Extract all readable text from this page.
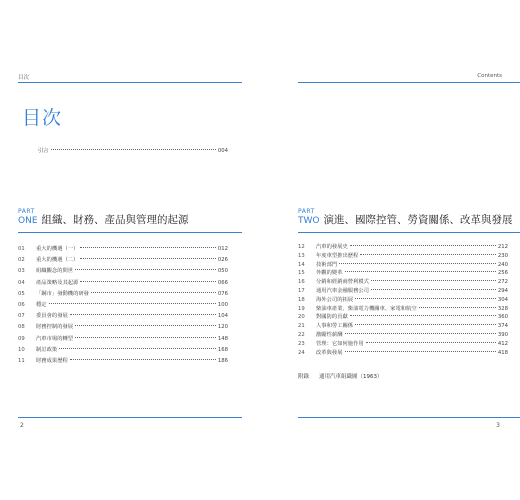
目次
目次
引言	004
PART
ONE 組織、財務、產品與管理的起源
01	重大的機遇（一）	012
02	重大的機遇（二）	026
03	組織觀念的問世	050
04	產品策略及其起源	066
05	「鋼市」發動機的研發	076
06	穩定	100
07	委員會的發展	104
08	財務控制的發展	120
09	汽車市場的轉型	148
10	制訂政策	168
11	財務成果歷程	186
2
Contents
PART
TWO 演進、國際控管、勞資關係、改革與發展
12	汽車的發展史	212
13	年度車型推出歷程	230
14	技術部門	240
15	外觀的變革	256
16	分銷和經銷商營利模式	272
17	通用汽車金融服務公司	294
18	海外公司的拓展	304
19	柴油車產業、柴油電力機關車、家電和航空	328
20	對國防的貢獻	360
21	人事和勞工關係	374
22	激勵性薪酬	390
23	管理：它如何施作用	412
24	改革與發展	418
附錄 通用汽車組織圖（1963）
3
